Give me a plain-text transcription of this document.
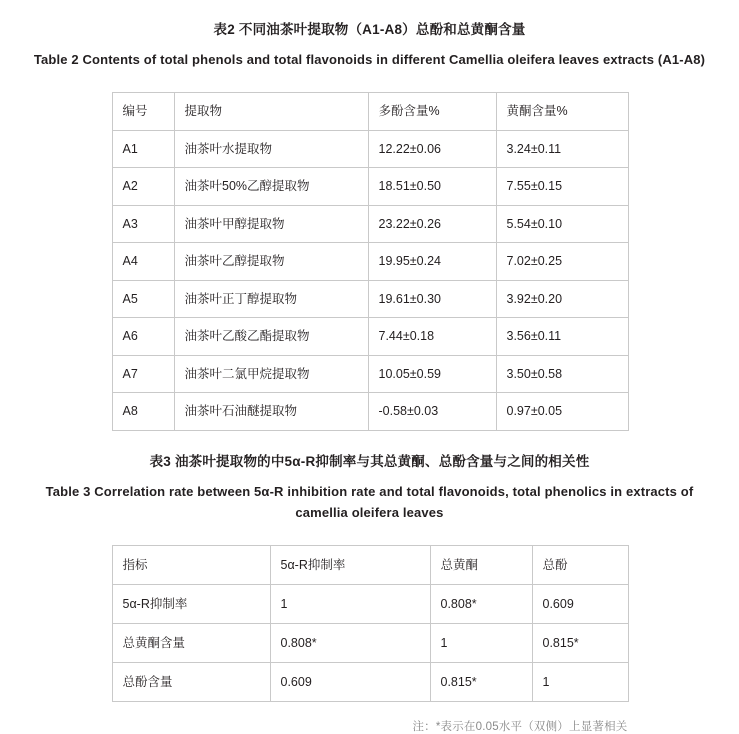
表2 不同油茶叶提取物（A1-A8）总酚和总黄酮含量
Table 2 Contents of total phenols and total flavonoids in different Camellia oleifera leaves extracts (A1-A8)
编号	提取物	多酚含量%	黄酮含量%
A1	油茶叶水提取物	12.22±0.06	3.24±0.11
A2	油茶叶50%乙醇提取物	18.51±0.50	7.55±0.15
A3	油茶叶甲醇提取物	23.22±0.26	5.54±0.10
A4	油茶叶乙醇提取物	19.95±0.24	7.02±0.25
A5	油茶叶正丁醇提取物	19.61±0.30	3.92±0.20
A6	油茶叶乙酸乙酯提取物	7.44±0.18	3.56±0.11
A7	油茶叶二氯甲烷提取物	10.05±0.59	3.50±0.58
A8	油茶叶石油醚提取物	-0.58±0.03	0.97±0.05
表3 油茶叶提取物的中5α-R抑制率与其总黄酮、总酚含量与之间的相关性
Table 3 Correlation rate between 5α-R inhibition rate and total flavonoids, total phenolics in extracts of camellia oleifera leaves
指标	5α-R抑制率	总黄酮	总酚
5α-R抑制率	1	0.808*	0.609
总黄酮含量	0.808*	1	0.815*
总酚含量	0.609	0.815*	1
注：*表示在0.05水平（双侧）上显著相关
